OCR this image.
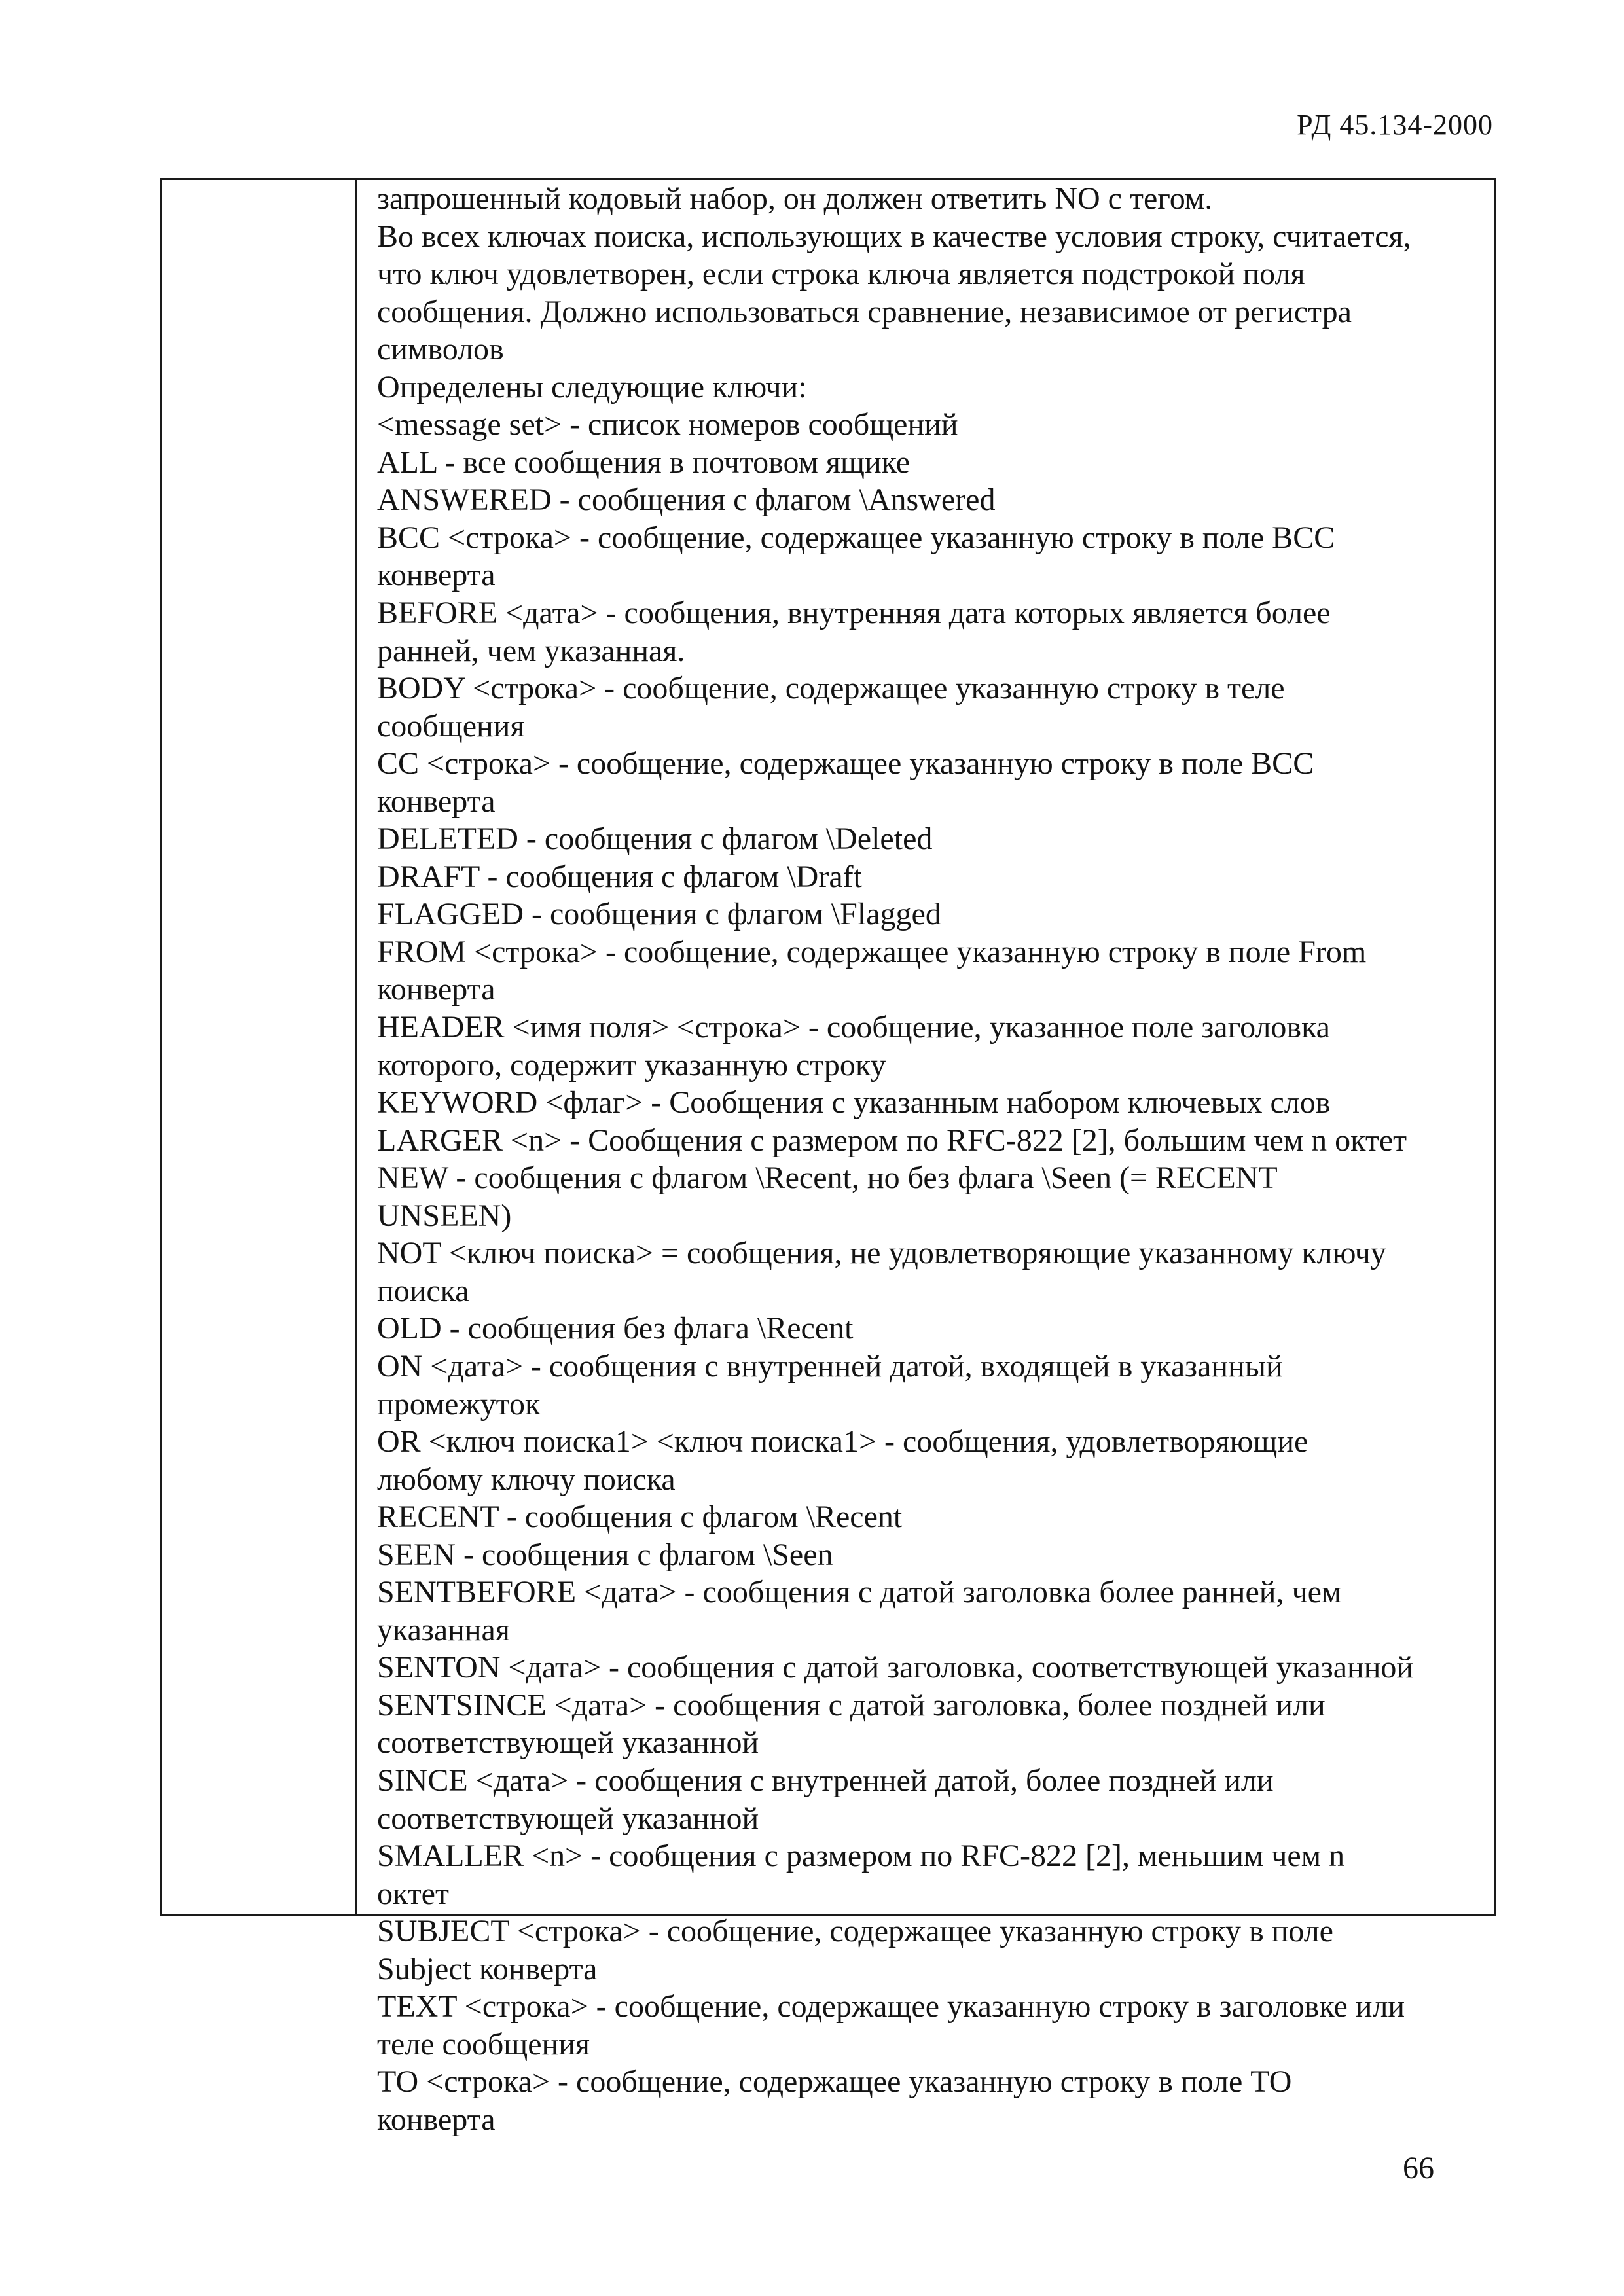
РД 45.134-2000
запрошенный кодовый набор, он должен ответить NO с тегом.
Во всех ключах поиска, использующих в качестве условия строку, считается,
что ключ удовлетворен, если строка ключа является подстрокой поля
сообщения. Должно использоваться сравнение, независимое от регистра
символов
Определены следующие ключи:
<message set> - список номеров сообщений
ALL - все сообщения в почтовом ящике
ANSWERED - сообщения с флагом \Answered
BCC <строка> - сообщение, содержащее указанную строку в поле BCC
конверта
BEFORE <дата> - сообщения, внутренняя дата которых является более
ранней, чем указанная.
BODY <строка> - сообщение, содержащее указанную строку в теле
сообщения
CC <строка> - сообщение, содержащее указанную строку в поле BCC
конверта
DELETED - сообщения с флагом \Deleted
DRAFT - сообщения с флагом \Draft
FLAGGED - сообщения с флагом \Flagged
FROM <строка> - сообщение, содержащее указанную строку в поле From
конверта
HEADER <имя поля> <строка> - сообщение, указанное поле заголовка
которого, содержит указанную строку
KEYWORD <флаг> - Сообщения с указанным набором ключевых слов
LARGER <n> - Сообщения с размером по RFC-822 [2], большим чем n октет
NEW - сообщения с флагом \Recent, но без флага \Seen (= RECENT
UNSEEN)
NOT <ключ поиска> = сообщения, не удовлетворяющие указанному ключу
поиска
OLD - сообщения без флага \Recent
ON <дата> - сообщения с внутренней датой, входящей в указанный
промежуток
OR <ключ поиска1> <ключ поиска1> - сообщения, удовлетворяющие
любому ключу поиска
RECENT - сообщения с флагом \Recent
SEEN - сообщения с флагом \Seen
SENTBEFORE <дата> - сообщения с датой заголовка более ранней, чем
указанная
SENTON <дата> - сообщения с датой заголовка, соответствующей указанной
SENTSINCE <дата> - сообщения с датой заголовка, более поздней или
соответствующей указанной
SINCE <дата> - сообщения с внутренней датой, более поздней или
соответствующей указанной
SMALLER <n> - сообщения с размером по RFC-822 [2], меньшим чем n
октет
SUBJECT <строка> - сообщение, содержащее указанную строку в поле
Subject конверта
TEXT <строка> - сообщение, содержащее указанную строку в заголовке или
теле сообщения
TO <строка> - сообщение, содержащее указанную строку в поле TO
конверта
66
